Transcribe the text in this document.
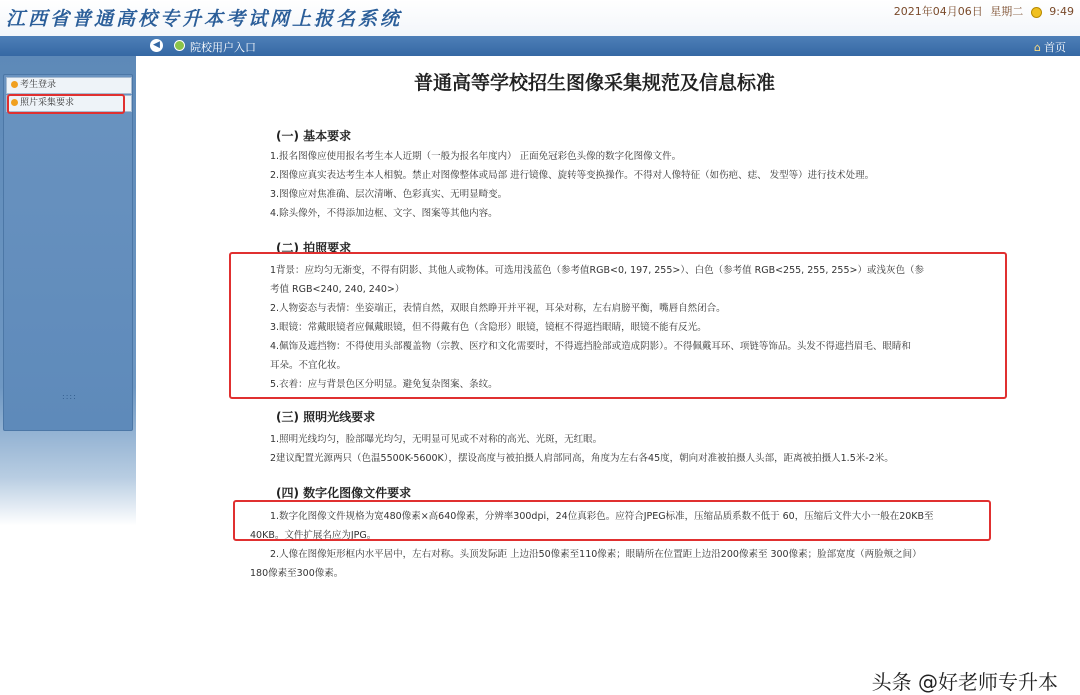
江西省普通高校专升本考试网上报名系统	2021年04月06日 星期二 9:49
◀	院校用户入口	⌂ 首页
考生登录
照片采集要求
::::
普通高等学校招生图像采集规范及信息标准
(一) 基本要求
1.报名图像应使用报名考生本人近期（一般为报名年度内） 正面免冠彩色头像的数字化图像文件。
2.图像应真实表达考生本人相貌。禁止对图像整体或局部 进行镜像、旋转等变换操作。不得对人像特征（如伤疤、痣、 发型等）进行技术处理。
3.图像应对焦准确、层次清晰、色彩真实、无明显畸变。
4.除头像外，不得添加边框、文字、图案等其他内容。
(二) 拍照要求
1背景：应均匀无渐变，不得有阴影、其他人或物体。可选用浅蓝色（参考值RGB<0, 197, 255>）、白色（参考值 RGB<255, 255, 255>）或浅灰色（参
考值 RGB<240, 240, 240>）
2.人物姿态与表情：坐姿端正，表情自然，双眼自然睁开并平视，耳朵对称，左右肩膀平衡，嘴唇自然闭合。
3.眼镜：常戴眼镜者应佩戴眼镜，但不得戴有色（含隐形）眼镜，镜框不得遮挡眼睛，眼镜不能有反光。
4.佩饰及遮挡物：不得使用头部覆盖物（宗教、医疗和文化需要时，不得遮挡脸部或造成阴影）。不得佩戴耳环、项链等饰品。头发不得遮挡眉毛、眼睛和
耳朵。不宜化妆。
5.衣着：应与背景色区分明显。避免复杂图案、条纹。
(三) 照明光线要求
1.照明光线均匀，脸部曝光均匀，无明显可见或不对称的高光、光斑，无红眼。
2建议配置光源两只（色温5500K-5600K），摆设高度与被拍摄人肩部同高，角度为左右各45度，朝向对准被拍摄人头部，距离被拍摄人1.5米-2米。
(四) 数字化图像文件要求
1.数字化图像文件规格为宽480像素×高640像素，分辨率300dpi，24位真彩色。应符合JPEG标准，压缩品质系数不低于 60，压缩后文件大小一般在20KB至
40KB。文件扩展名应为JPG。
2.人像在图像矩形框内水平居中，左右对称。头顶发际距 上边沿50像素至110像素；眼睛所在位置距上边沿200像素至 300像素；脸部宽度（两脸颊之间）
180像素至300像素。
头条 @好老师专升本
